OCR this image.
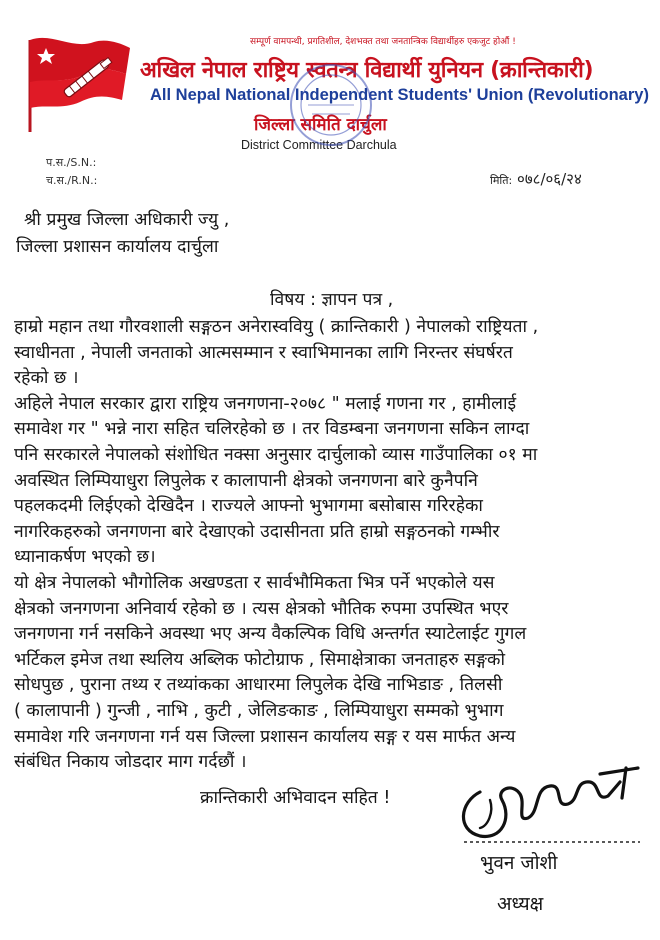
सम्पूर्ण वामपन्थी, प्रगतिशील, देशभक्त तथा जनतान्त्रिक विद्यार्थीहरु एकजुट होऔं !
अखिल नेपाल राष्ट्रिय स्वतन्त्र विद्यार्थी युनियन (क्रान्तिकारी)
All Nepal National Independent Students' Union (Revolutionary)
जिल्ला समिति दार्चुला
District Committee Darchula
प.स./S.N.:
च.स./R.N.:	मिति: ०७८/०६/२४
श्री प्रमुख जिल्ला अधिकारी ज्यु ,
जिल्ला प्रशासन कार्यालय दार्चुला
विषय : ज्ञापन पत्र ,
हाम्रो महान तथा गौरवशाली सङ्गठन अनेरास्ववियु ( क्रान्तिकारी ) नेपालको राष्ट्रियता ,
स्वाधीनता , नेपाली जनताको आत्मसम्मान र स्वाभिमानका लागि निरन्तर संघर्षरत
रहेको छ ।
अहिले नेपाल सरकार द्वारा राष्ट्रिय जनगणना-२०७८ " मलाई गणना गर , हामीलाई
समावेश गर " भन्ने नारा सहित चलिरहेको छ । तर विडम्बना जनगणना सकिन लाग्दा
पनि सरकारले नेपालको संशोधित नक्सा अनुसार दार्चुलाको व्यास गाउँपालिका ०१ मा
अवस्थित लिम्पियाधुरा लिपुलेक र कालापानी क्षेत्रको जनगणना बारे कुनैपनि
पहलकदमी लिईएको देखिदैन । राज्यले आफ्नो भुभागमा बसोबास गरिरहेका
नागरिकहरुको जनगणना बारे देखाएको उदासीनता प्रति हाम्रो सङ्गठनको गम्भीर
ध्यानाकर्षण भएको छ।
यो क्षेत्र नेपालको भौगोलिक अखण्डता र सार्वभौमिकता भित्र पर्ने भएकोले यस
क्षेत्रको जनगणना अनिवार्य रहेको छ । त्यस क्षेत्रको भौतिक रुपमा उपस्थित भएर
जनगणना गर्न नसकिने अवस्था भए अन्य वैकल्पिक विधि अन्तर्गत स्याटेलाईट गुगल
भर्टिकल इमेज तथा स्थलिय अब्लिक फोटोग्राफ , सिमाक्षेत्राका जनताहरु सङ्गको
सोधपुछ , पुराना तथ्य र तथ्यांकका आधारमा लिपुलेक देखि नाभिडाङ , तिलसी
( कालापानी ) गुन्जी , नाभि , कुटी , जेलिङकाङ , लिम्पियाधुरा सम्मको भुभाग
समावेश गरि जनगणना गर्न यस जिल्ला प्रशासन कार्यालय सङ्ग र यस मार्फत अन्य
संबंधित निकाय जोडदार माग गर्दछौं ।
क्रान्तिकारी अभिवादन सहित !
भुवन जोशी
अध्यक्ष
